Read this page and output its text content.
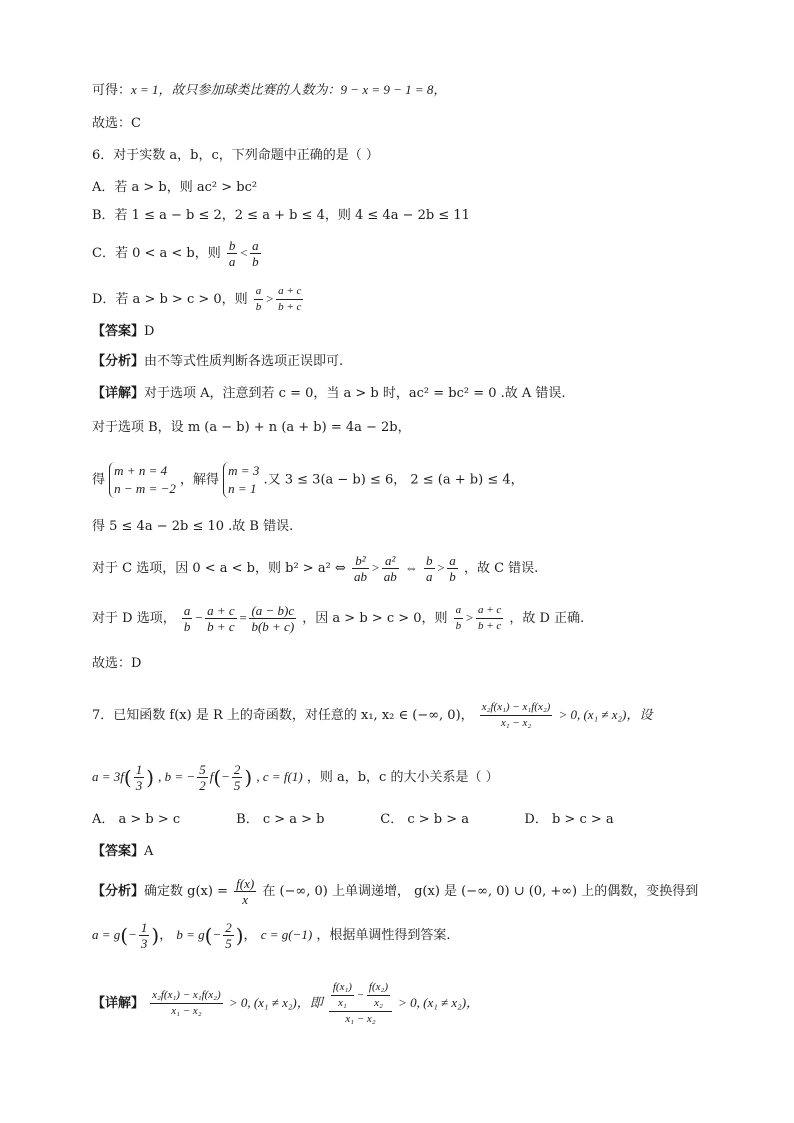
可得：x = 1，故只参加球类比赛的人数为：9 − x = 9 − 1 = 8，
故选：C
6．对于实数 a，b，c，下列命题中正确的是（ ）
A．若 a > b，则 ac² > bc²
B．若 1 ≤ a − b ≤ 2，2 ≤ a + b ≤ 4，则 4 ≤ 4a − 2b ≤ 11
C．若 0 < a < b，则 $\frac{b}{a} < \frac{a}{b}$
D．若 a > b > c > 0，则 $\frac{a}{b} > \frac{a + c}{b + c}$
【答案】D
【分析】由不等式性质判断各选项正误即可.
【详解】对于选项 A，注意到若 c = 0，当 a > b 时，ac² = bc² = 0 .故 A 错误.
对于选项 B，设 m (a − b) + n (a + b) = 4a − 2b，
得
m + n = 4
n − m = −2
，解得
m = 3
n = 1
.又 3 ≤ 3(a − b) ≤ 6， 2 ≤ (a + b) ≤ 4，
得 5 ≤ 4a − 2b ≤ 10 .故 B 错误.
对于 C 选项，因 0 < a < b，则 b² > a² ⇔ $\frac{\text{b²}}{ab} > \frac{\text{a²}}{ab}$ ⇔ $\frac{b}{a} > \frac{a}{b}$ ，故 C 错误.
对于 D 选项， $\frac{a}{b} - \frac{a + c}{b + c} = \frac{(a - b)c}{b(b + c)}$ ，因 a > b > c > 0，则 $\frac{a}{b} > \frac{a + c}{b + c}$ ，故 D 正确.
故选：D
7．已知函数 f(x) 是 R 上的奇函数，对任意的 x₁, x₂ ∈ (−∞, 0)， $\frac{\text{x₂f(x₁) − x₁f(x₂)}}{\text{x₁ − x₂}} > 0$, (x₁ ≠ x₂)，设
$a = 3f( \frac{1}{3}$ ) , b = − $\frac{5}{2} f(- \frac{2}{5}$ ) , c = f(1) ，则 a，b，c 的大小关系是（ ）
A． a > b > c	B． c > a > b	C． c > b > a	D． b > c > a
【答案】A
【分析】确定数 $g(x) = \frac{f(x)}{x}$ 在 (−∞, 0) 上单调递增， g(x) 是 (−∞, 0) ∪ (0, +∞) 上的偶数，变换得到
$a = g(- \frac{1}{3}$ )， $b = g(- \frac{2}{5}$ )， c = g(−1) ，根据单调性得到答案.
【详解】 $\frac{\text{x₂f(x₁) − x₁f(x₂)}}{\text{x₁ − x₂}} > 0$, (x₁ ≠ x₂)，即 $\frac{\frac{\text{f(x₁)}}{\text{x₁}} - \frac{\text{f(x₂)}}{\text{x₂}}}{\text{x₁ − x₂}} > 0$, (x₁ ≠ x₂)，
